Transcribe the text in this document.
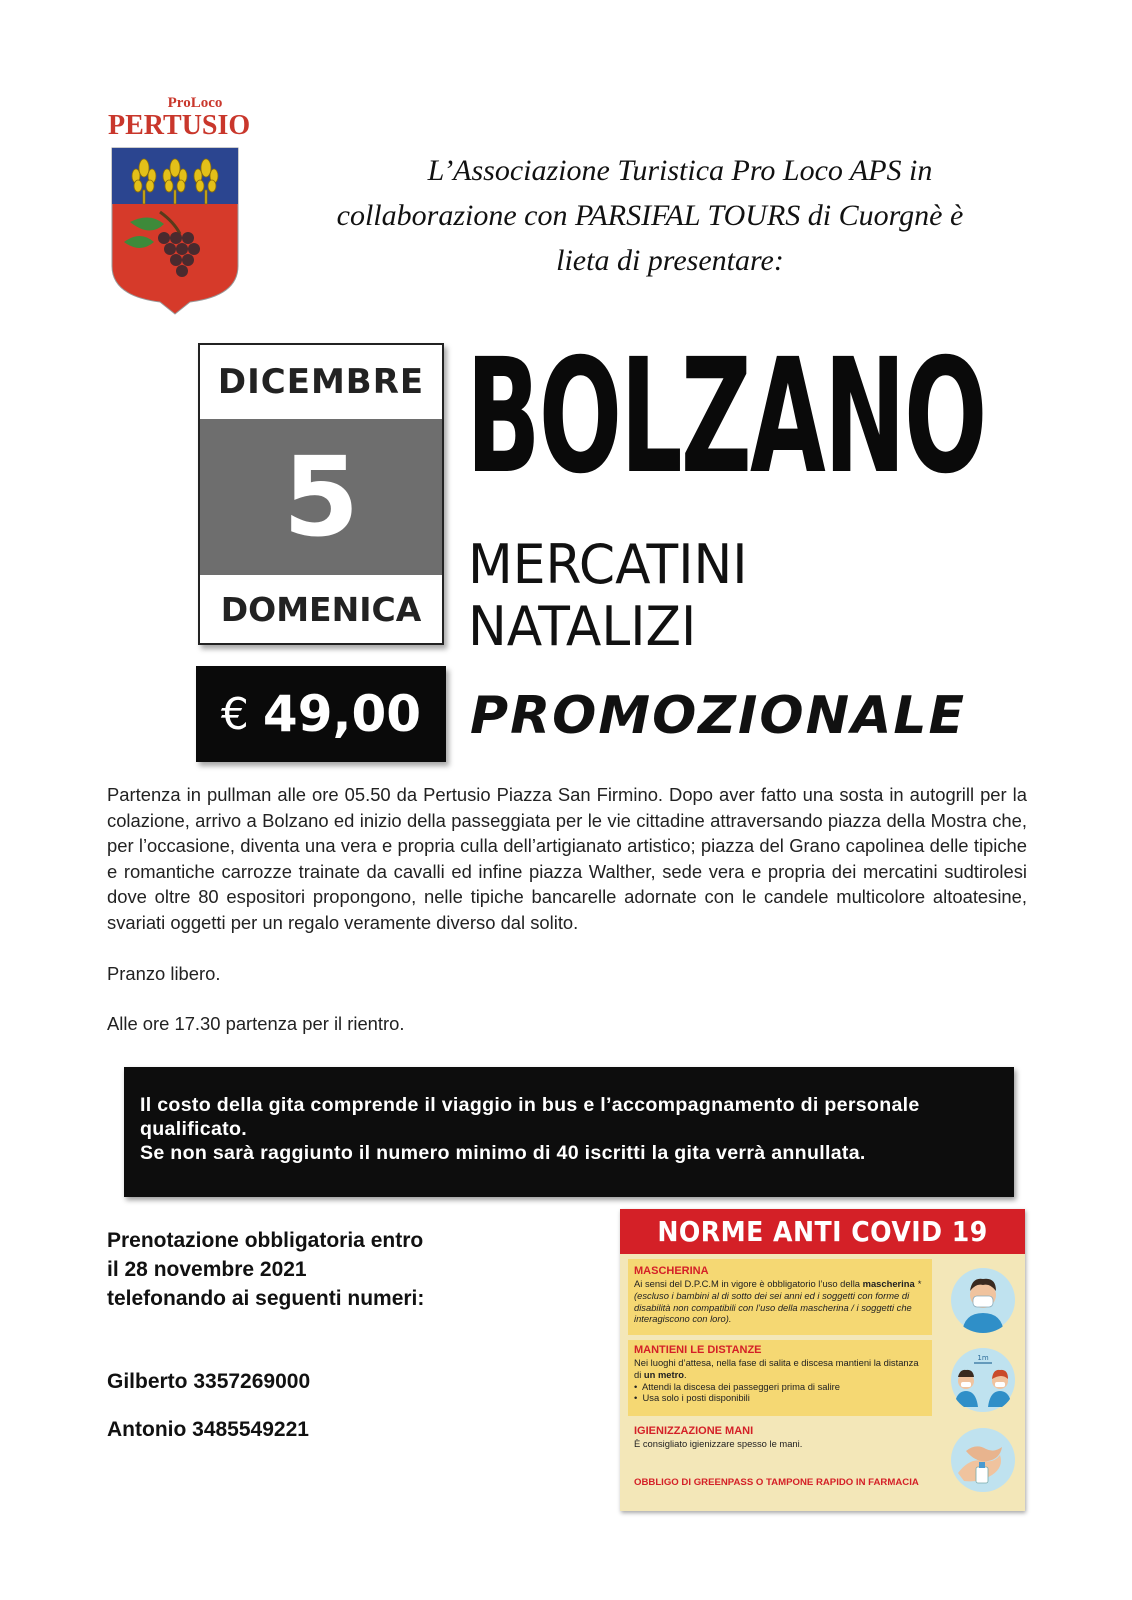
ProLoco
PERTUSIO
L’Associazione Turistica Pro Loco APS in
collaborazione con PARSIFAL TOURS di Cuorgnè è
lieta di presentare:
DICEMBRE
5
DOMENICA
€ 49,00
BOLZANO
MERCATINI
NATALIZI
PROMOZIONALE

Partenza in pullman alle ore 05.50 da Pertusio Piazza San Firmino. Dopo aver fatto una sosta in autogrill per la colazione, arrivo a Bolzano ed inizio della passeggiata per le vie cittadine attraversando piazza della Mostra che, per l’occasione, diventa una vera e propria culla dell’artigianato artistico; piazza del Grano capolinea delle tipiche e romantiche carrozze trainate da cavalli ed infine piazza Walther, sede vera e propria dei mercatini sudtirolesi dove oltre 80 espositori propongono, nelle tipiche bancarelle adornate con le candele multicolore altoatesine, svariati oggetti per un regalo veramente diverso dal solito.

Pranzo libero.

Alle ore 17.30 partenza per il rientro.

Il costo della gita comprende il viaggio in bus e l’accompagnamento di personale qualificato.

Se non sarà raggiunto il numero minimo di 40 iscritti la gita verrà annullata.

Prenotazione obbligatoria entro
il 28 novembre 2021
telefonando ai seguenti numeri:
Gilberto 3357269000
Antonio 3485549221
NORME ANTI COVID 19
MASCHERINA
Ai sensi del D.P.C.M in vigore è obbligatorio l’uso della mascherina *(escluso i bambini al di sotto dei sei anni ed i soggetti con forme di disabilità non compatibili con l’uso della mascherina / i soggetti che interagiscono con loro).
MANTIENI LE DISTANZE
Nei luoghi d’attesa, nella fase di salita e discesa mantieni la distanza di un metro.
•  Attendi la discesa dei passeggeri prima di salire
•  Usa solo i posti disponibili
IGIENIZZAZIONE MANI
È consigliato igienizzare spesso le mani.
OBBLIGO DI GREENPASS O TAMPONE RAPIDO IN FARMACIA
1m
